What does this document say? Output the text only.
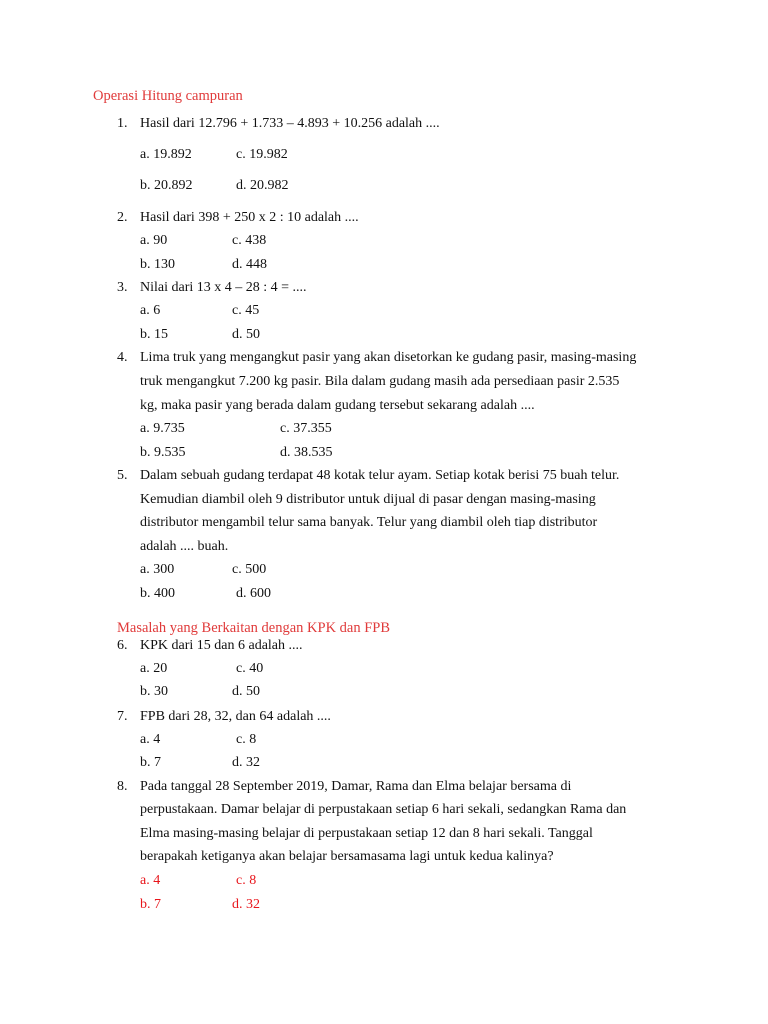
Operasi Hitung campuran
1. Hasil dari 12.796 + 1.733 – 4.893 + 10.256 adalah ....
a. 19.892	c. 19.982
b. 20.892	d. 20.982
2. Hasil dari 398 + 250 x 2 : 10 adalah ....
a. 90	c. 438
b. 130	d. 448
3. Nilai dari 13 x 4 – 28 : 4 = ....
a. 6	c. 45
b. 15	d. 50
4. Lima truk yang mengangkut pasir yang akan disetorkan ke gudang pasir, masing-masing
truk mengangkut 7.200 kg pasir. Bila dalam gudang masih ada persediaan pasir 2.535
kg, maka pasir yang berada dalam gudang tersebut sekarang adalah ....
a. 9.735	c. 37.355
b. 9.535	d. 38.535
5. Dalam sebuah gudang terdapat 48 kotak telur ayam. Setiap kotak berisi 75 buah telur.
Kemudian diambil oleh 9 distributor untuk dijual di pasar dengan masing-masing
distributor mengambil telur sama banyak. Telur yang diambil oleh tiap distributor
adalah .... buah.
a. 300	c. 500
b. 400	d. 600
Masalah yang Berkaitan dengan KPK dan FPB
6. KPK dari 15 dan 6 adalah ....
a. 20	c. 40
b. 30	d. 50
7. FPB dari 28, 32, dan 64 adalah ....
a. 4	c. 8
b. 7	d. 32
8. Pada tanggal 28 September 2019, Damar, Rama dan Elma belajar bersama di
perpustakaan. Damar belajar di perpustakaan setiap 6 hari sekali, sedangkan Rama dan
Elma masing-masing belajar di perpustakaan setiap 12 dan 8 hari sekali. Tanggal
berapakah ketiganya akan belajar bersamasama lagi untuk kedua kalinya?
a. 4	c. 8
b. 7	d. 32
